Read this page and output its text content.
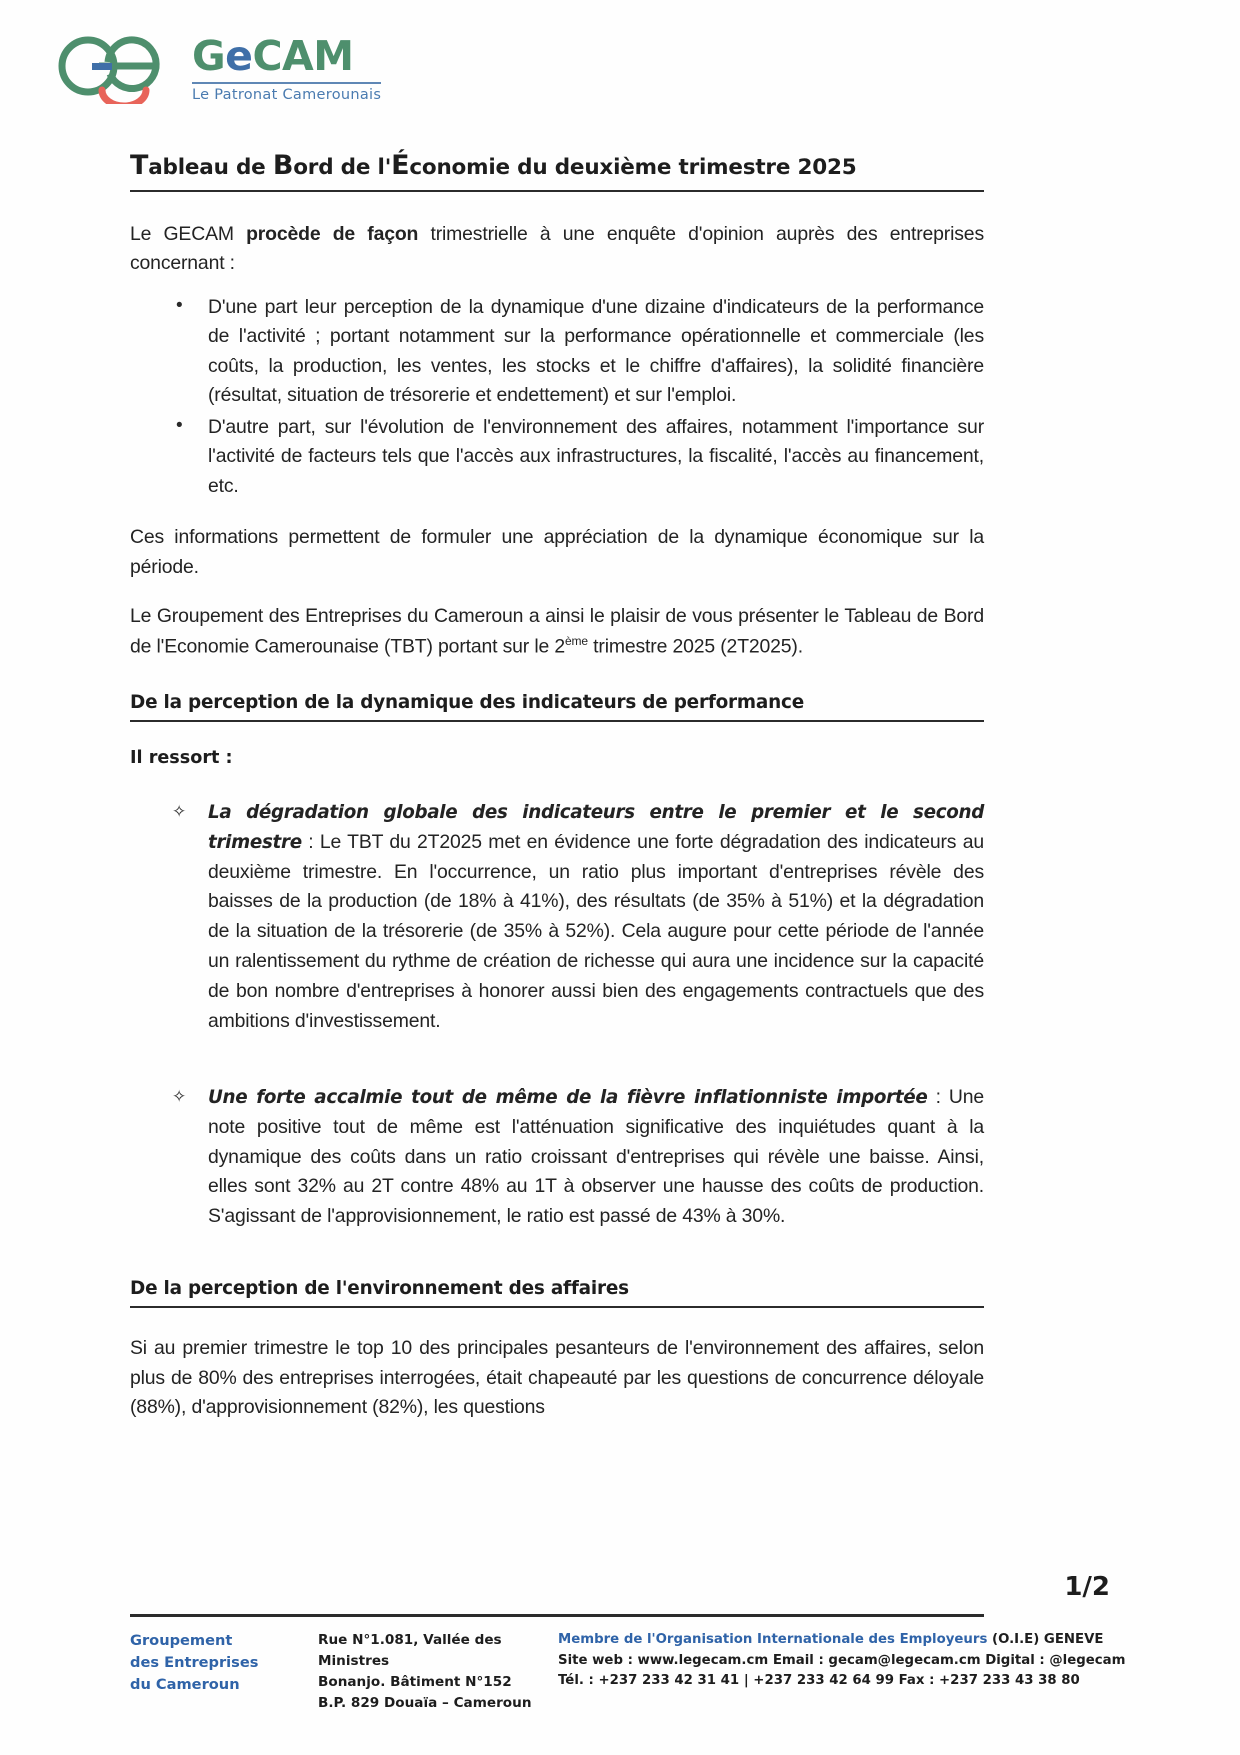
GeCAM
Le Patronat Camerounais
Tableau de Bord de l'Économie du deuxième trimestre 2025

Le GECAM procède de façon trimestrielle à une enquête d'opinion auprès des entreprises concernant :

• D'une part leur perception de la dynamique d'une dizaine d'indicateurs de la performance de l'activité ; portant notamment sur la performance opérationnelle et commerciale (les coûts, la production, les ventes, les stocks et le chiffre d'affaires), la solidité financière (résultat, situation de trésorerie et endettement) et sur l'emploi.
• D'autre part, sur l'évolution de l'environnement des affaires, notamment l'importance sur l'activité de facteurs tels que l'accès aux infrastructures, la fiscalité, l'accès au financement, etc.

Ces informations permettent de formuler une appréciation de la dynamique économique sur la période.

Le Groupement des Entreprises du Cameroun a ainsi le plaisir de vous présenter le Tableau de Bord de l'Economie Camerounaise (TBT) portant sur le 2ème trimestre 2025 (2T2025).

De la perception de la dynamique des indicateurs de performance

Il ressort :

✧ La dégradation globale des indicateurs entre le premier et le second trimestre : Le TBT du 2T2025 met en évidence une forte dégradation des indicateurs au deuxième trimestre. En l'occurrence, un ratio plus important d'entreprises révèle des baisses de la production (de 18% à 41%), des résultats (de 35% à 51%) et la dégradation de la situation de la trésorerie (de 35% à 52%). Cela augure pour cette période de l'année un ralentissement du rythme de création de richesse qui aura une incidence sur la capacité de bon nombre d'entreprises à honorer aussi bien des engagements contractuels que des ambitions d'investissement.
✧ Une forte accalmie tout de même de la fièvre inflationniste importée : Une note positive tout de même est l'atténuation significative des inquiétudes quant à la dynamique des coûts dans un ratio croissant d'entreprises qui révèle une baisse. Ainsi, elles sont 32% au 2T contre 48% au 1T à observer une hausse des coûts de production. S'agissant de l'approvisionnement, le ratio est passé de 43% à 30%.
De la perception de l'environnement des affaires

Si au premier trimestre le top 10 des principales pesanteurs de l'environnement des affaires, selon plus de 80% des entreprises interrogées, était chapeauté par les questions de concurrence déloyale (88%), d'approvisionnement (82%), les questions

1/2
Groupement
des Entreprises
du Cameroun
Rue N°1.081, Vallée des Ministres
Bonanjo. Bâtiment N°152
B.P. 829 Douaïa – Cameroun
Membre de l'Organisation Internationale des Employeurs (O.I.E) GENEVE
Site web : www.legecam.cm Email : gecam@legecam.cm Digital : @legecam
Tél. : +237 233 42 31 41 | +237 233 42 64 99 Fax : +237 233 43 38 80
